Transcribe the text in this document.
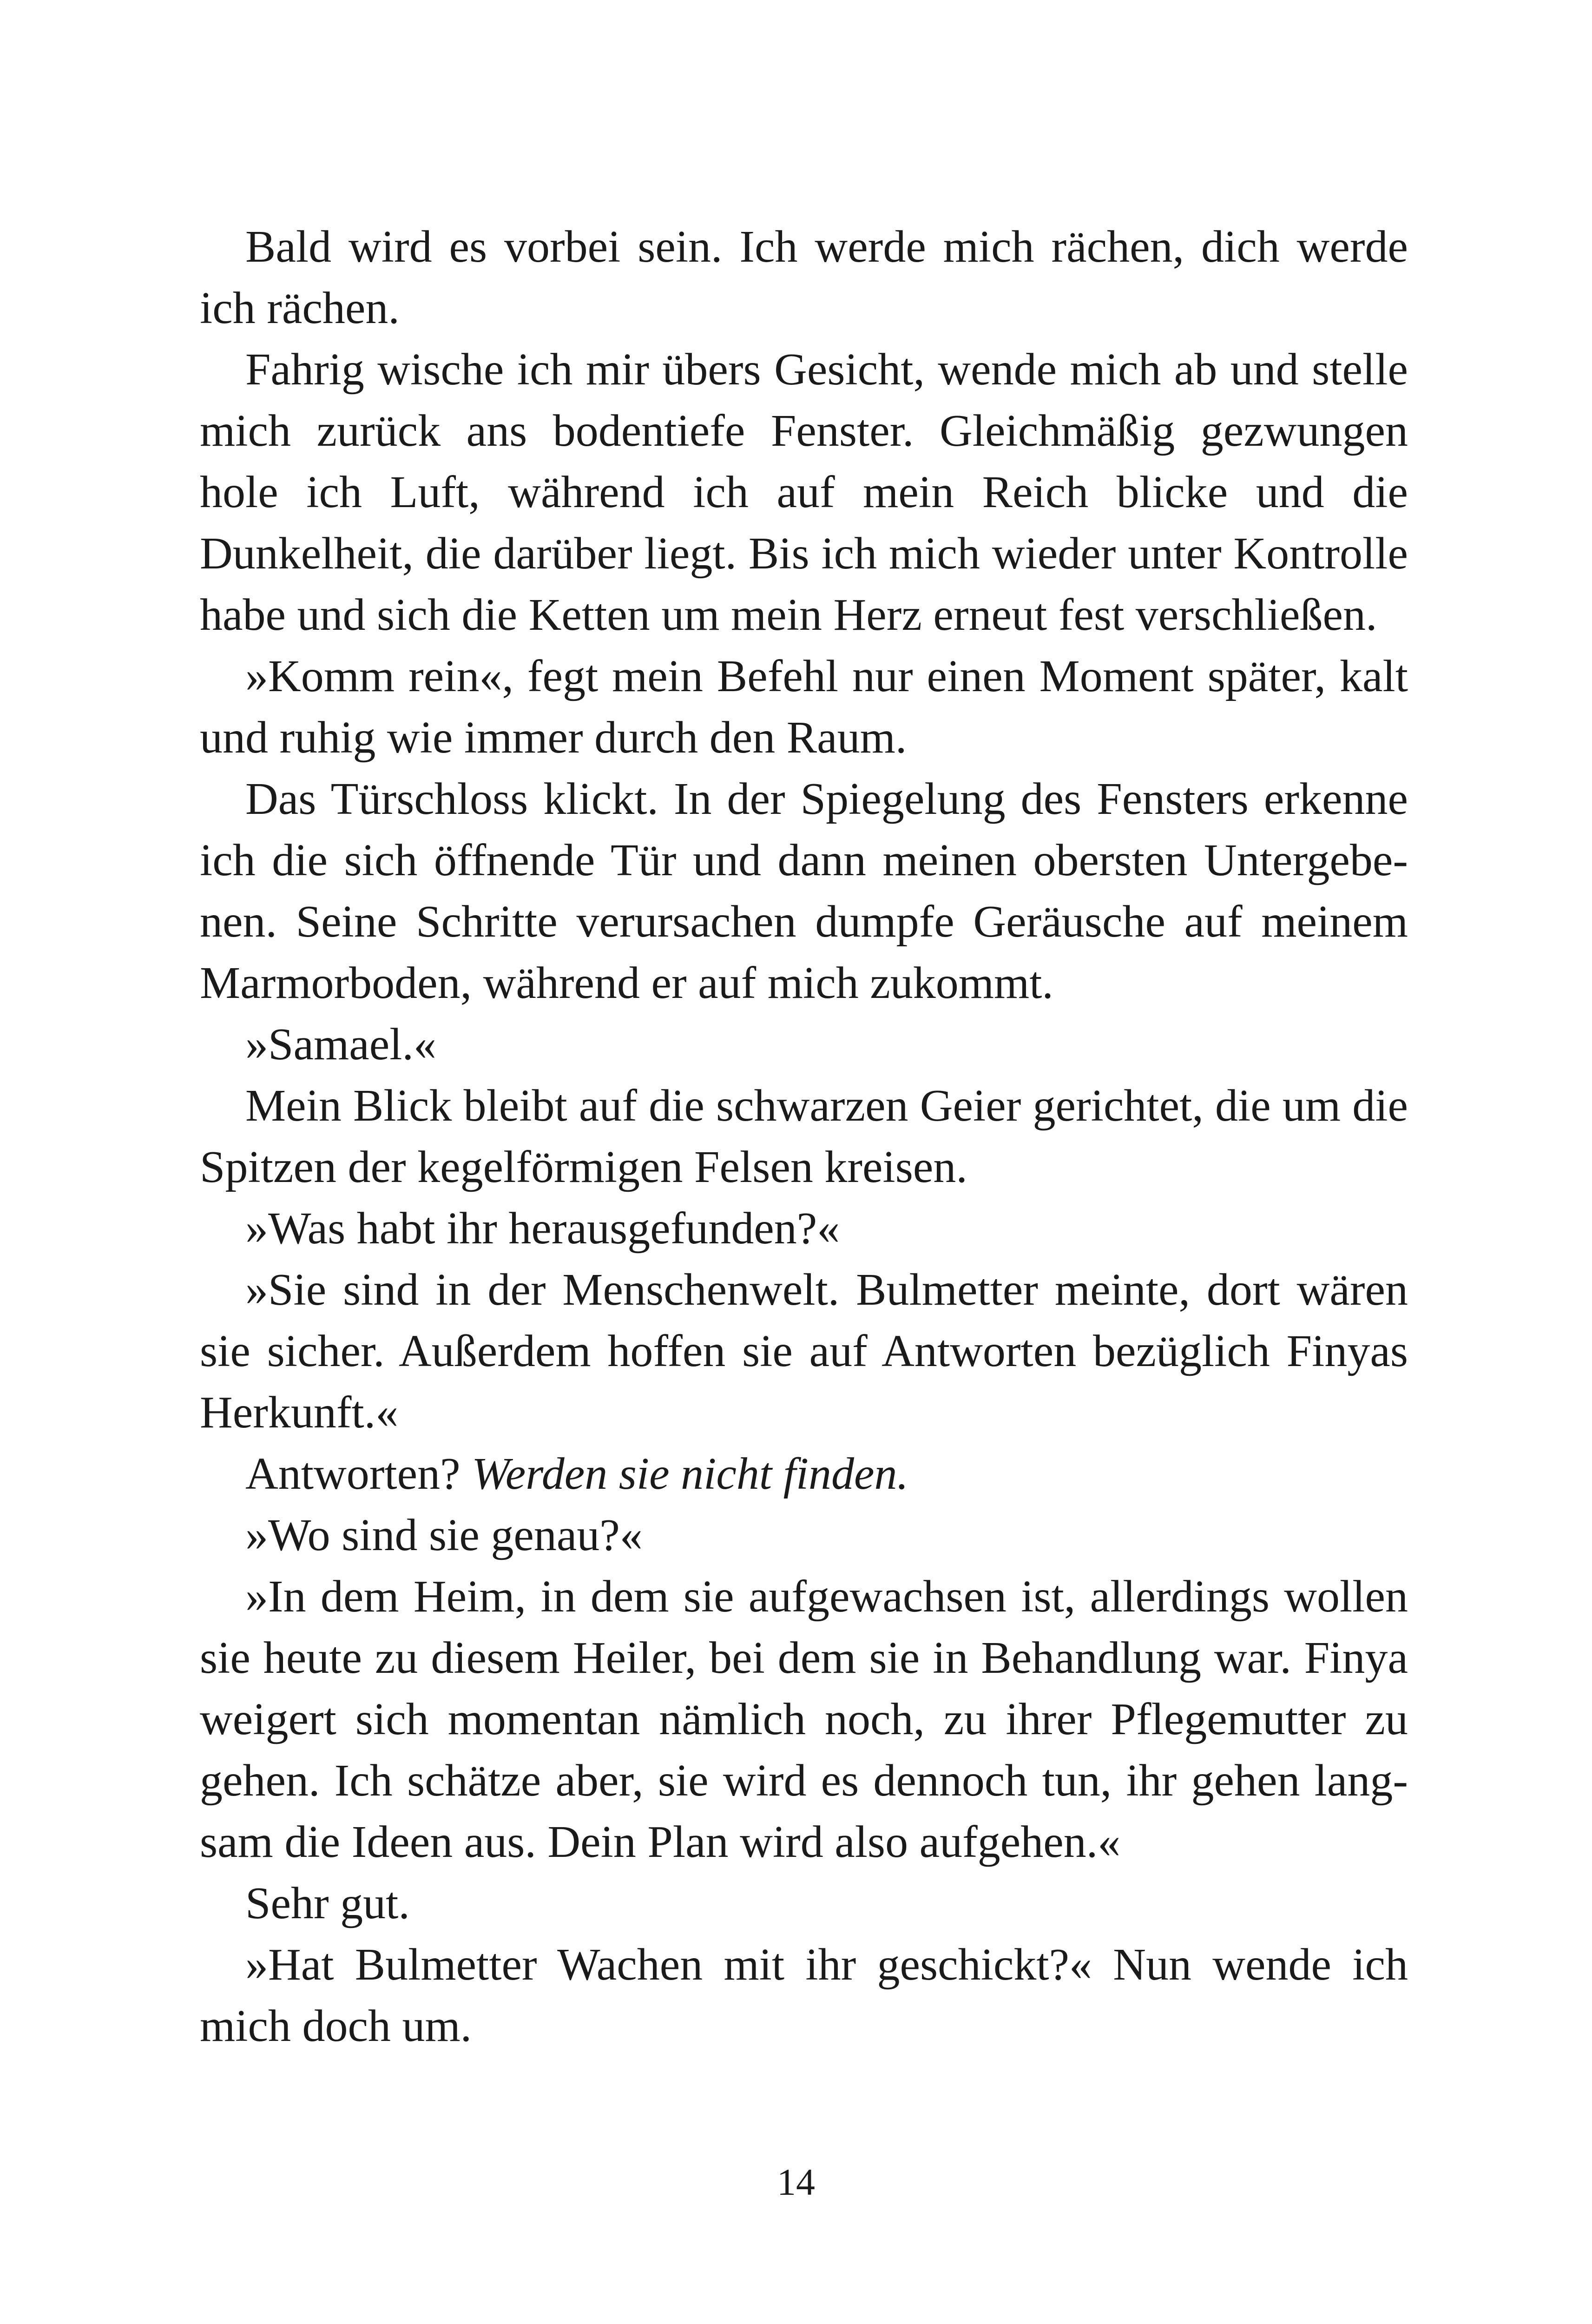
Bald wird es vorbei sein. Ich werde mich rächen, dich werde ich rächen.

Fahrig wische ich mir übers Gesicht, wende mich ab und stelle mich zurück ans bodentiefe Fenster. Gleichmäßig gezwungen hole ich Luft, während ich auf mein Reich blicke und die Dunkelheit, die darüber liegt. Bis ich mich wieder unter Kontrolle habe und sich die Ketten um mein Herz erneut fest verschließen.

»Komm rein«, fegt mein Befehl nur einen Moment später, kalt und ruhig wie immer durch den Raum.

Das Türschloss klickt. In der Spiegelung des Fensters erkenne ich die sich öffnende Tür und dann meinen obersten Untergebenen. Seine Schritte verursachen dumpfe Geräusche auf meinem Marmorboden, während er auf mich zukommt.

»Samael.«

Mein Blick bleibt auf die schwarzen Geier gerichtet, die um die Spitzen der kegelförmigen Felsen kreisen.

»Was habt ihr herausgefunden?«

»Sie sind in der Menschenwelt. Bulmetter meinte, dort wären sie sicher. Außerdem hoffen sie auf Antworten bezüglich Finyas Herkunft.«

Antworten? Werden sie nicht finden.

»Wo sind sie genau?«

»In dem Heim, in dem sie aufgewachsen ist, allerdings wollen sie heute zu diesem Heiler, bei dem sie in Behandlung war. Finya weigert sich momentan nämlich noch, zu ihrer Pflegemutter zu gehen. Ich schätze aber, sie wird es dennoch tun, ihr gehen langsam die Ideen aus. Dein Plan wird also aufgehen.«

Sehr gut.

»Hat Bulmetter Wachen mit ihr geschickt?« Nun wende ich mich doch um.

14
